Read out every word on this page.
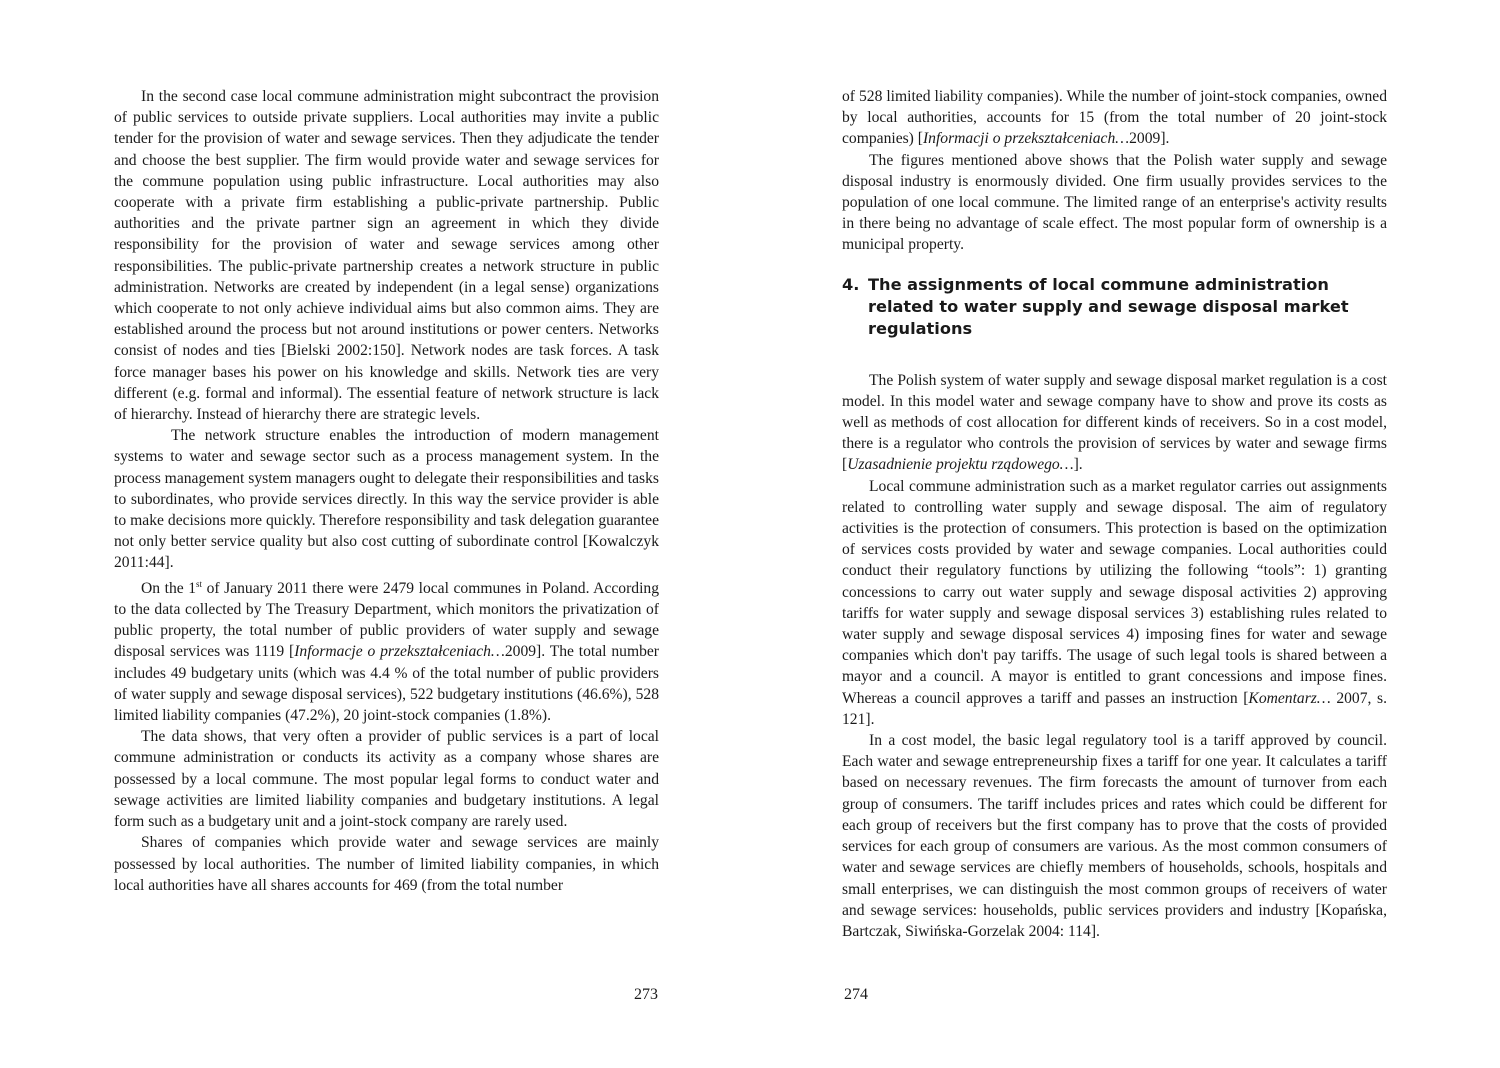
In the second case local commune administration might subcontract the provision of public services to outside private suppliers. Local authorities may invite a public tender for the provision of water and sewage services. Then they adjudicate the tender and choose the best supplier. The firm would provide water and sewage services for the commune population using public infrastructure. Local authorities may also cooperate with a private firm establishing a public-private partnership. Public authorities and the private partner sign an agreement in which they divide responsibility for the provision of water and sewage services among other responsibilities. The public-private partnership creates a network structure in public administration. Networks are created by independent (in a legal sense) organizations which cooperate to not only achieve individual aims but also common aims. They are established around the process but not around institutions or power centers. Networks consist of nodes and ties [Bielski 2002:150]. Network nodes are task forces. A task force manager bases his power on his knowledge and skills. Network ties are very different (e.g. formal and informal). The essential feature of network structure is lack of hierarchy. Instead of hierarchy there are strategic levels.

The network structure enables the introduction of modern management systems to water and sewage sector such as a process management system. In the process management system managers ought to delegate their responsibilities and tasks to subordinates, who provide services directly. In this way the service provider is able to make decisions more quickly. Therefore responsibility and task delegation guarantee not only better service quality but also cost cutting of subordinate control [Kowalczyk 2011:44].

On the 1st of January 2011 there were 2479 local communes in Poland. According to the data collected by The Treasury Department, which monitors the privatization of public property, the total number of public providers of water supply and sewage disposal services was 1119 [Informacje o przekształceniach…2009]. The total number includes 49 budgetary units (which was 4.4 % of the total number of public providers of water supply and sewage disposal services), 522 budgetary institutions (46.6%), 528 limited liability companies (47.2%), 20 joint-stock companies (1.8%).

The data shows, that very often a provider of public services is a part of local commune administration or conducts its activity as a company whose shares are possessed by a local commune. The most popular legal forms to conduct water and sewage activities are limited liability companies and budgetary institutions. A legal form such as a budgetary unit and a joint-stock company are rarely used.

Shares of companies which provide water and sewage services are mainly possessed by local authorities. The number of limited liability companies, in which local authorities have all shares accounts for 469 (from the total number

273

of 528 limited liability companies). While the number of joint-stock companies, owned by local authorities, accounts for 15 (from the total number of 20 joint-stock companies) [Informacji o przekształceniach…2009].

The figures mentioned above shows that the Polish water supply and sewage disposal industry is enormously divided. One firm usually provides services to the population of one local commune. The limited range of an enterprise's activity results in there being no advantage of scale effect. The most popular form of ownership is a municipal property.

4. The assignments of local commune administration related to water supply and sewage disposal market regulations

The Polish system of water supply and sewage disposal market regulation is a cost model. In this model water and sewage company have to show and prove its costs as well as methods of cost allocation for different kinds of receivers. So in a cost model, there is a regulator who controls the provision of services by water and sewage firms [Uzasadnienie projektu rządowego…].

Local commune administration such as a market regulator carries out assignments related to controlling water supply and sewage disposal. The aim of regulatory activities is the protection of consumers. This protection is based on the optimization of services costs provided by water and sewage companies. Local authorities could conduct their regulatory functions by utilizing the following “tools”: 1) granting concessions to carry out water supply and sewage disposal activities 2) approving tariffs for water supply and sewage disposal services 3) establishing rules related to water supply and sewage disposal services 4) imposing fines for water and sewage companies which don't pay tariffs. The usage of such legal tools is shared between a mayor and a council. A mayor is entitled to grant concessions and impose fines. Whereas a council approves a tariff and passes an instruction [Komentarz… 2007, s. 121].

In a cost model, the basic legal regulatory tool is a tariff approved by council. Each water and sewage entrepreneurship fixes a tariff for one year. It calculates a tariff based on necessary revenues. The firm forecasts the amount of turnover from each group of consumers. The tariff includes prices and rates which could be different for each group of receivers but the first company has to prove that the costs of provided services for each group of consumers are various. As the most common consumers of water and sewage services are chiefly members of households, schools, hospitals and small enterprises, we can distinguish the most common groups of receivers of water and sewage services: households, public services providers and industry [Kopańska, Bartczak, Siwińska-Gorzelak 2004: 114].

274
